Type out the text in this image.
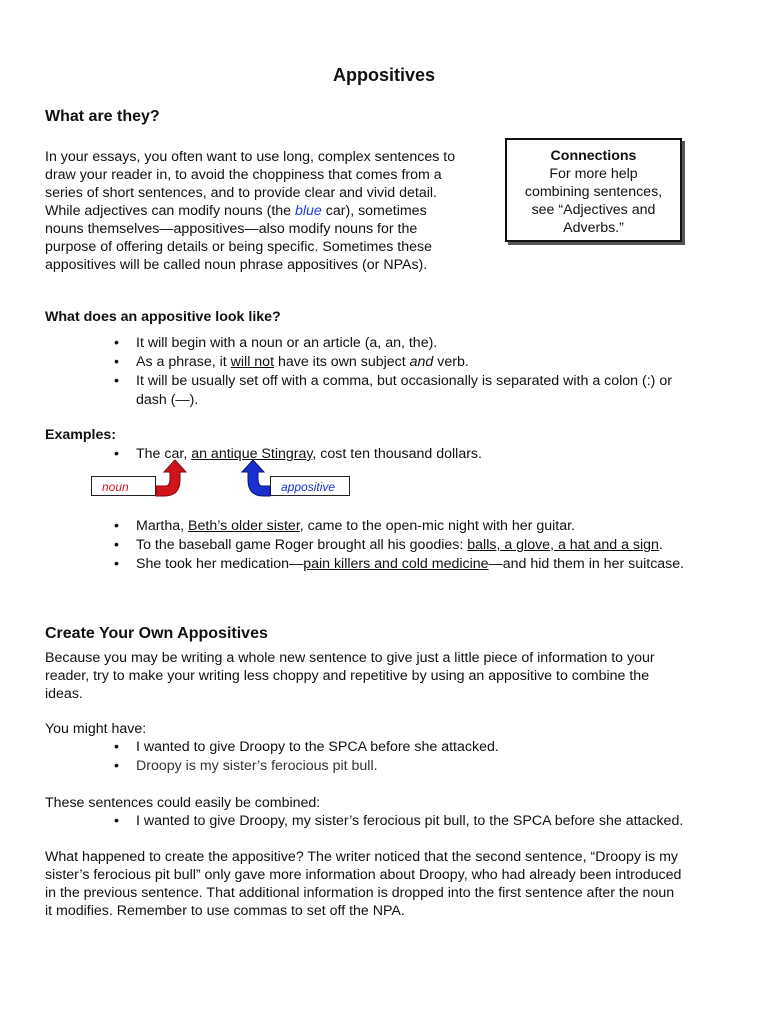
Appositives
What are they?
In your essays, you often want to use long, complex sentences to
draw your reader in, to avoid the choppiness that comes from a
series of short sentences, and to provide clear and vivid detail.
While adjectives can modify nouns (the blue car), sometimes
nouns themselves—appositives—also modify nouns for the
purpose of offering details or being specific. Sometimes these
appositives will be called noun phrase appositives (or NPAs).
Connections
For more help
combining sentences,
see “Adjectives and
Adverbs.”
What does an appositive look like?
• It will begin with a noun or an article (a, an, the).
• As a phrase, it will not have its own subject and verb.
• It will be usually set off with a comma, but occasionally is separated with a colon (:) or
dash (—).
Examples:
• The car, an antique Stingray, cost ten thousand dollars.
noun	appositive
• Martha, Beth’s older sister, came to the open-mic night with her guitar.
• To the baseball game Roger brought all his goodies: balls, a glove, a hat and a sign.
• She took her medication—pain killers and cold medicine—and hid them in her suitcase.
Create Your Own Appositives
Because you may be writing a whole new sentence to give just a little piece of information to your
reader, try to make your writing less choppy and repetitive by using an appositive to combine the
ideas.
You might have:
• I wanted to give Droopy to the SPCA before she attacked.
• Droopy is my sister’s ferocious pit bull.
These sentences could easily be combined:
• I wanted to give Droopy, my sister’s ferocious pit bull, to the SPCA before she attacked.
What happened to create the appositive? The writer noticed that the second sentence, “Droopy is my
sister’s ferocious pit bull” only gave more information about Droopy, who had already been introduced
in the previous sentence. That additional information is dropped into the first sentence after the noun
it modifies. Remember to use commas to set off the NPA.
